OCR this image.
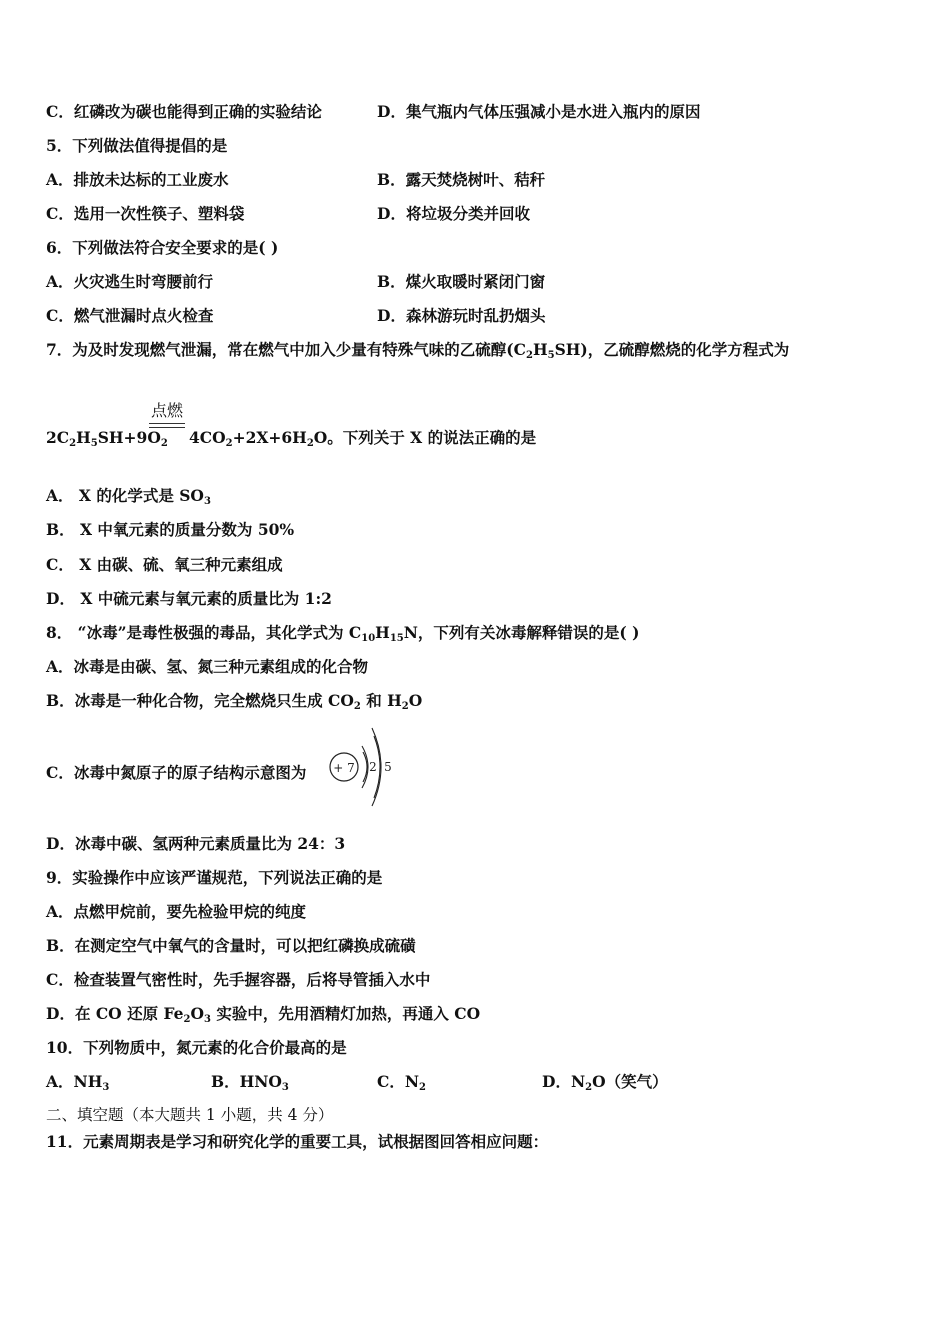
C．红磷改为碳也能得到正确的实验结论	D．集气瓶内气体压强减小是水进入瓶内的原因
5．下列做法值得提倡的是
A．排放未达标的工业废水	B．露天焚烧树叶、秸秆
C．选用一次性筷子、塑料袋	D．将垃圾分类并回收
6．下列做法符合安全要求的是( )
A．火灾逃生时弯腰前行	B．煤火取暖时紧闭门窗
C．燃气泄漏时点火检查	D．森林游玩时乱扔烟头
7．为及时发现燃气泄漏，常在燃气中加入少量有特殊气味的乙硫醇$(C_2H_5SH)$，乙硫醇燃烧的化学方程式为
点燃
$2C_2H_5SH+9O_2$ $4CO_2+2X+6H_2O$。下列关于 X 的说法正确的是
A． X 的化学式是 $SO_3$
B． X 中氧元素的质量分数为 50%
C． X 由碳、硫、氧三种元素组成
D． X 中硫元素与氧元素的质量比为 1:2
8． “冰毒”是毒性极强的毒品，其化学式为 $C_{10}H_{15}N$，下列有关冰毒解释错误的是( )
A．冰毒是由碳、氢、氮三种元素组成的化合物
B．冰毒是一种化合物，完全燃烧只生成 $CO_2$ 和 $H_2O$
C．冰毒中氮原子的原子结构示意图为 + 7 2 5
D．冰毒中碳、氢两种元素质量比为 24：3
9．实验操作中应该严谨规范，下列说法正确的是
A．点燃甲烷前，要先检验甲烷的纯度
B．在测定空气中氧气的含量时，可以把红磷换成硫磺
C．检查装置气密性时，先手握容器，后将导管插入水中
D．在 CO 还原 $Fe_2O_3$ 实验中，先用酒精灯加热，再通入 CO
10．下列物质中，氮元素的化合价最高的是
A．$NH_3$	B．$HNO_3$	C．$N_2$	D．$N_2O$（笑气）
二、填空题（本大题共 1 小题，共 4 分）
11．元素周期表是学习和研究化学的重要工具，试根据图回答相应问题：
